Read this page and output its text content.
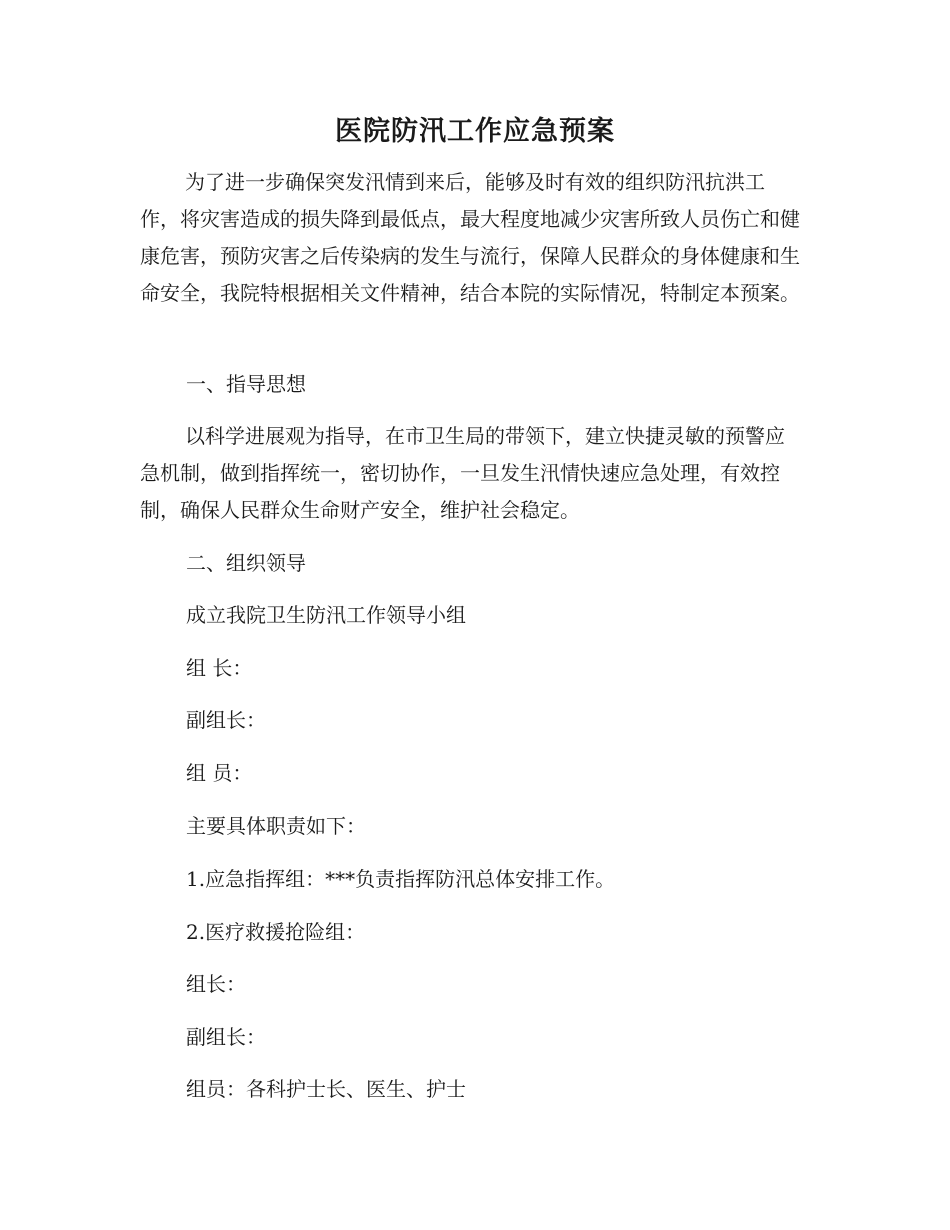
医院防汛工作应急预案
为了进一步确保突发汛情到来后，能够及时有效的组织防汛抗洪工作，将灾害造成的损失降到最低点，最大程度地减少灾害所致人员伤亡和健康危害，预防灾害之后传染病的发生与流行，保障人民群众的身体健康和生命安全，我院特根据相关文件精神，结合本院的实际情况，特制定本预案。
一、指导思想
以科学进展观为指导，在市卫生局的带领下，建立快捷灵敏的预警应急机制，做到指挥统一，密切协作，一旦发生汛情快速应急处理，有效控制，确保人民群众生命财产安全，维护社会稳定。
二、组织领导
成立我院卫生防汛工作领导小组
组 长：
副组长：
组 员：
主要具体职责如下：
1.应急指挥组：***负责指挥防汛总体安排工作。
2.医疗救援抢险组：
组长：
副组长：
组员：各科护士长、医生、护士
